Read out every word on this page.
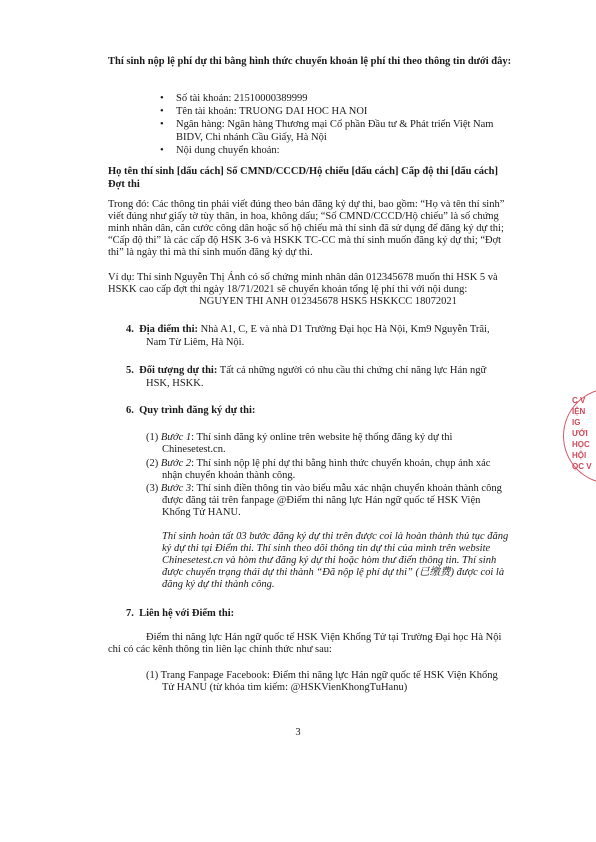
Thí sinh nộp lệ phí dự thi bằng hình thức chuyển khoản lệ phí thi theo thông tin dưới đây:

• Số tài khoản: 21510000389999
• Tên tài khoản: TRUONG DAI HOC HA NOI
• Ngân hàng: Ngân hàng Thương mại Cổ phần Đầu tư & Phát triển Việt Nam

BIDV, Chi nhánh Cầu Giấy, Hà Nội

• Nội dung chuyển khoản:

Họ tên thí sinh [dấu cách] Số CMND/CCCD/Hộ chiếu [dấu cách] Cấp độ thi [dấu cách]

Đợt thi

Trong đó: Các thông tin phải viết đúng theo bản đăng ký dự thi, bao gồm: “Họ và tên thí sinh”

viết đúng như giấy tờ tùy thân, in hoa, không dấu; “Số CMND/CCCD/Hộ chiếu” là số chứng

minh nhân dân, căn cước công dân hoặc số hộ chiếu mà thí sinh đã sử dụng để đăng ký dự thi;

“Cấp độ thi” là các cấp độ HSK 3-6 và HSKK TC-CC mà thí sinh muốn đăng ký dự thi; “Đợt

thi” là ngày thi mà thí sinh muốn đăng ký dự thi.

Ví dụ: Thí sinh Nguyễn Thị Ánh có số chứng minh nhân dân 012345678 muốn thi HSK 5 và

HSKK cao cấp đợt thi ngày 18/71/2021 sẽ chuyển khoản tổng lệ phí thi với nội dung:

NGUYEN THI ANH 012345678 HSK5 HSKKCC 18072021

4. Địa điểm thi: Nhà A1, C, E và nhà D1 Trường Đại học Hà Nội, Km9 Nguyễn Trãi,

Nam Từ Liêm, Hà Nội.

5. Đối tượng dự thi: Tất cả những người có nhu cầu thi chứng chỉ năng lực Hán ngữ

HSK, HSKK.

6. Quy trình đăng ký dự thi:

(1) Bước 1: Thí sinh đăng ký online trên website hệ thống đăng ký dự thi

Chinesetest.cn.

(2) Bước 2: Thí sinh nộp lệ phí dự thi bằng hình thức chuyển khoản, chụp ảnh xác

nhận chuyển khoản thành công.

(3) Bước 3: Thí sinh điền thông tin vào biểu mẫu xác nhận chuyển khoản thành công

được đăng tải trên fanpage @Điểm thi năng lực Hán ngữ quốc tế HSK Viện

Khổng Tử HANU.

Thí sinh hoàn tất 03 bước đăng ký dự thi trên được coi là hoàn thành thủ tục đăng

ký dự thi tại Điểm thi. Thí sinh theo dõi thông tin dự thi của mình trên website

Chinesetest.cn và hòm thư đăng ký dự thi hoặc hòm thư điển thông tin. Thí sinh

được chuyển trạng thái dự thi thành “Đã nộp lệ phí dự thi” (已缴费) được coi là

đăng ký dự thi thành công.

7. Liên hệ với Điểm thi:

Điểm thi năng lực Hán ngữ quốc tế HSK Viện Khổng Tử tại Trường Đại học Hà Nội

chỉ có các kênh thông tin liên lạc chính thức như sau:

(1) Trang Fanpage Facebook: Điểm thi năng lực Hán ngữ quốc tế HSK Viện Khổng

Tử HANU (từ khóa tìm kiếm: @HSKVienKhongTuHanu)

3
C V
IỆN
IG
ƯỚI
HỌC
HỘI
ỌC V
